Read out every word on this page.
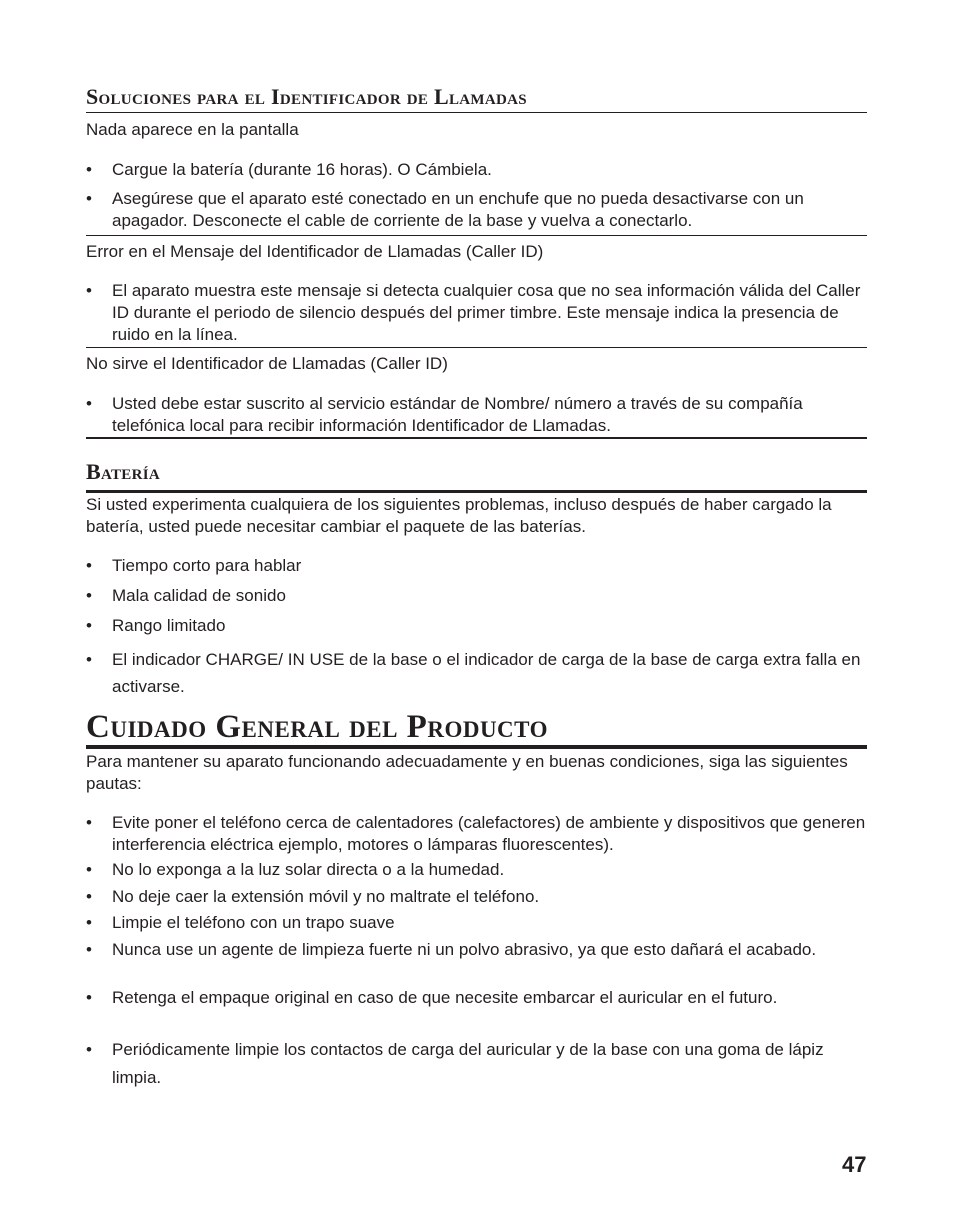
Soluciones para el Identificador de Llamadas

Nada aparece en la pantalla

• Cargue la batería (durante 16 horas). O Cámbiela.
• Asegúrese que el aparato esté conectado en un enchufe que no pueda desactivarse con un apagador. Desconecte el cable de corriente de la base y vuelva a conectarlo.

Error en el Mensaje del Identificador de Llamadas (Caller ID)

• El aparato muestra este mensaje si detecta cualquier cosa que no sea información válida del Caller ID durante el periodo de silencio después del primer timbre. Este mensaje indica la presencia de ruido en la línea.

No sirve el Identificador de Llamadas (Caller ID)

• Usted debe estar suscrito al servicio estándar de Nombre/ número a través de su compañía telefónica local para recibir información Identificador de Llamadas.
Batería

Si usted experimenta cualquiera de los siguientes problemas, incluso después de haber cargado la batería, usted puede necesitar cambiar el paquete de las baterías.

• Tiempo corto para hablar
• Mala calidad de sonido
• Rango limitado
• El indicador CHARGE/ IN USE de la base o el indicador de carga de la base de carga extra falla en activarse.
Cuidado General del Producto

Para mantener su aparato funcionando adecuadamente y en buenas condiciones, siga las siguientes pautas:

• Evite poner el teléfono cerca de calentadores (calefactores) de ambiente y dispositivos que generen interferencia eléctrica ejemplo, motores o lámparas fluorescentes).
• No lo exponga a la luz solar directa o a la humedad.
• No deje caer la extensión móvil y no maltrate el teléfono.
• Limpie el teléfono con un trapo suave
• Nunca use un agente de limpieza fuerte ni un polvo abrasivo, ya que esto dañará el acabado.
• Retenga el empaque original en caso de que necesite embarcar el auricular en el futuro.
• Periódicamente limpie los contactos de carga del auricular y de la base con una goma de lápiz limpia.

47
